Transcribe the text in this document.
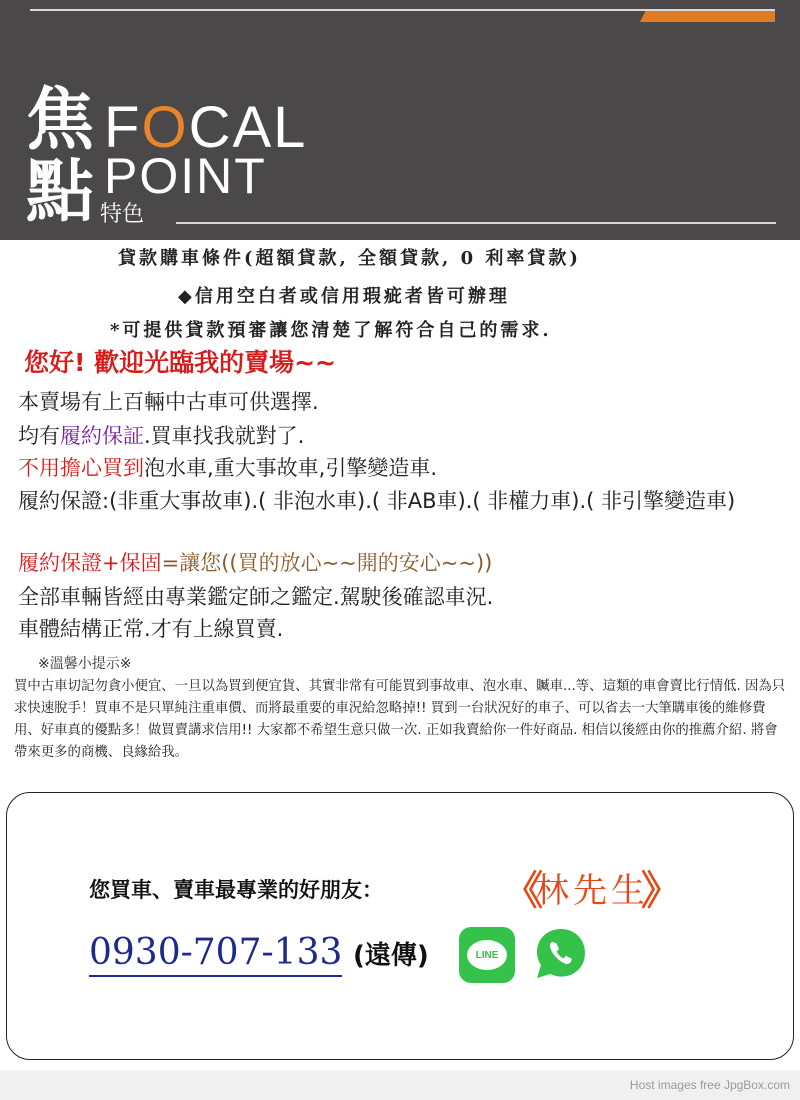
焦
點
FOCAL
POINT
特色
貸款購車條件(超額貸款, 全額貸款, 0 利率貸款)
◆信用空白者或信用瑕疵者皆可辦理
*可提供貸款預審讓您清楚了解符合自己的需求.
您好! 歡迎光臨我的賣場~~
本賣場有上百輛中古車可供選擇.
均有履約保証.買車找我就對了.
不用擔心買到泡水車,重大事故車,引擎變造車.
履約保證:(非重大事故車).( 非泡水車).( 非AB車).( 非權力車).( 非引擎變造車)
履約保證+保固=讓您((買的放心~~開的安心~~))
全部車輛皆經由專業鑑定師之鑑定.駕駛後確認車況.
車體結構正常.才有上線買賣.
※溫馨小提示※
買中古車切記勿貪小便宜、一旦以為買到便宜貨、其實非常有可能買到事故車、泡水車、贓車...等、這類的車會賣比行情低. 因為只求快速脫手！買車不是只單純注重車價、而將最重要的車況給忽略掉!! 買到一台狀況好的車子、可以省去一大筆購車後的維修費用、好車真的優點多！做買賣講求信用!! 大家都不希望生意只做一次. 正如我賣給你一件好商品. 相信以後經由你的推薦介紹. 將會帶來更多的商機、良緣給我。
您買車、賣車最專業的好朋友：	《
林先生
》
0930-707-133 (遠傳)	LINE
Host images free JpgBox.com
